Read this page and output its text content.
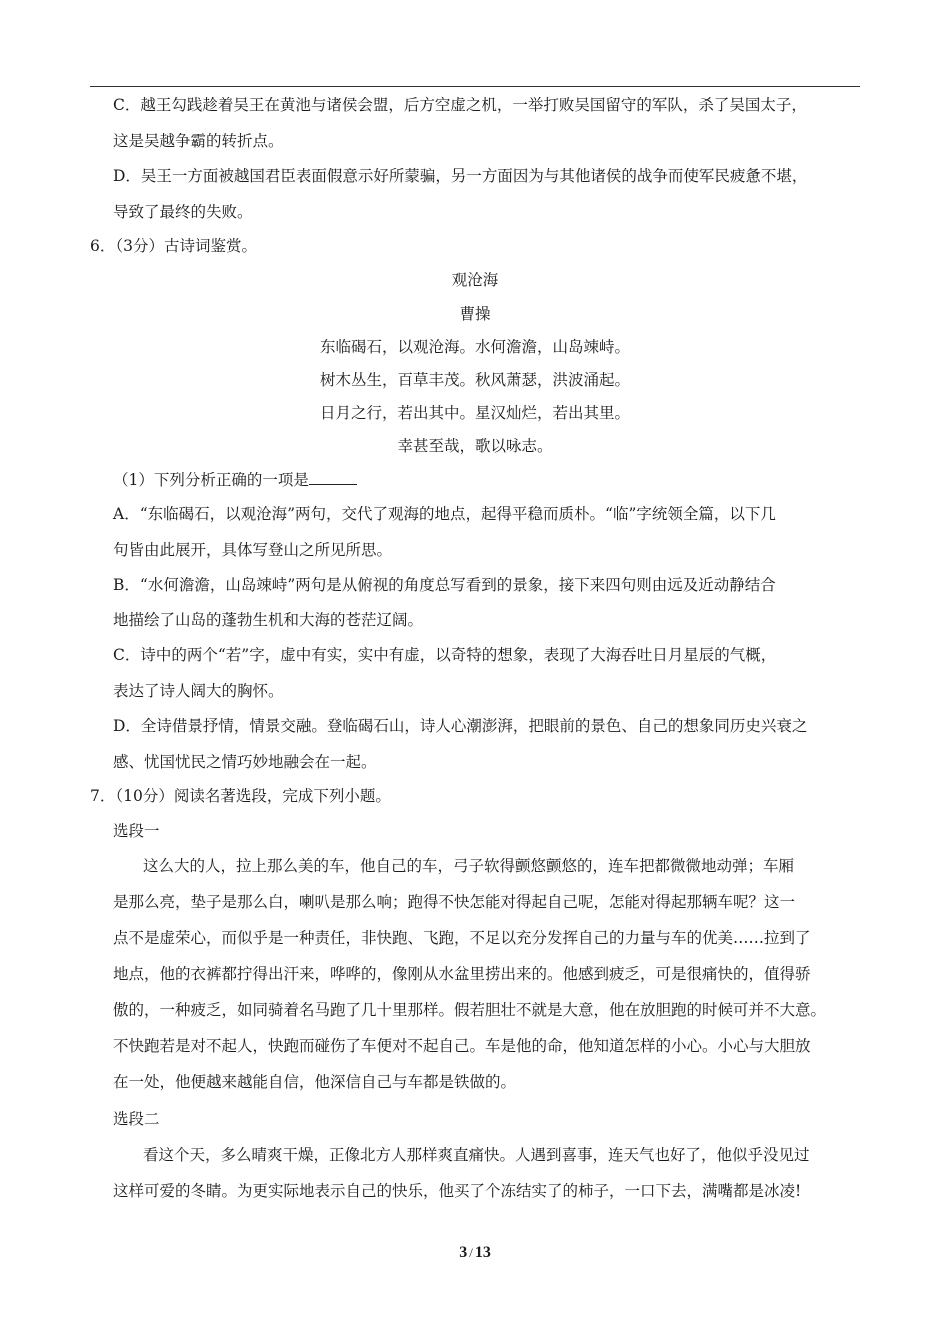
C．越王勾践趁着吴王在黄池与诸侯会盟，后方空虚之机，一举打败吴国留守的军队，杀了吴国太子，
这是吴越争霸的转折点。
D．吴王一方面被越国君臣表面假意示好所蒙骗，另一方面因为与其他诸侯的战争而使军民疲惫不堪，
导致了最终的失败。
6．（3分）古诗词鉴赏。
观沧海
曹操
东临碣石，以观沧海。水何澹澹，山岛竦峙。
树木丛生，百草丰茂。秋风萧瑟，洪波涌起。
日月之行，若出其中。星汉灿烂，若出其里。
幸甚至哉，歌以咏志。
（1）下列分析正确的一项是
A．“东临碣石，以观沧海”两句，交代了观海的地点，起得平稳而质朴。“临”字统领全篇，以下几
句皆由此展开，具体写登山之所见所思。
B．“水何澹澹，山岛竦峙”两句是从俯视的角度总写看到的景象，接下来四句则由远及近动静结合
地描绘了山岛的蓬勃生机和大海的苍茫辽阔。
C．诗中的两个“若”字，虚中有实，实中有虚，以奇特的想象，表现了大海吞吐日月星辰的气概，
表达了诗人阔大的胸怀。
D．全诗借景抒情，情景交融。登临碣石山，诗人心潮澎湃，把眼前的景色、自己的想象同历史兴衰之
感、忧国忧民之情巧妙地融会在一起。
7．（10分）阅读名著选段，完成下列小题。
选段一
这么大的人，拉上那么美的车，他自己的车，弓子软得颤悠颤悠的，连车把都微微地动弹；车厢
是那么亮，垫子是那么白，喇叭是那么响；跑得不快怎能对得起自己呢，怎能对得起那辆车呢？这一
点不是虚荣心，而似乎是一种责任，非快跑、飞跑，不足以充分发挥自己的力量与车的优美……拉到了
地点，他的衣裤都拧得出汗来，哗哗的，像刚从水盆里捞出来的。他感到疲乏，可是很痛快的，值得骄
傲的，一种疲乏，如同骑着名马跑了几十里那样。假若胆壮不就是大意，他在放胆跑的时候可并不大意。
不快跑若是对不起人，快跑而碰伤了车便对不起自己。车是他的命，他知道怎样的小心。小心与大胆放
在一处，他便越来越能自信，他深信自己与车都是铁做的。
选段二
看这个天，多么晴爽干燥，正像北方人那样爽直痛快。人遇到喜事，连天气也好了，他似乎没见过
这样可爱的冬睛。为更实际地表示自己的快乐，他买了个冻结实了的柿子，一口下去，满嘴都是冰凌!
3 / 13
